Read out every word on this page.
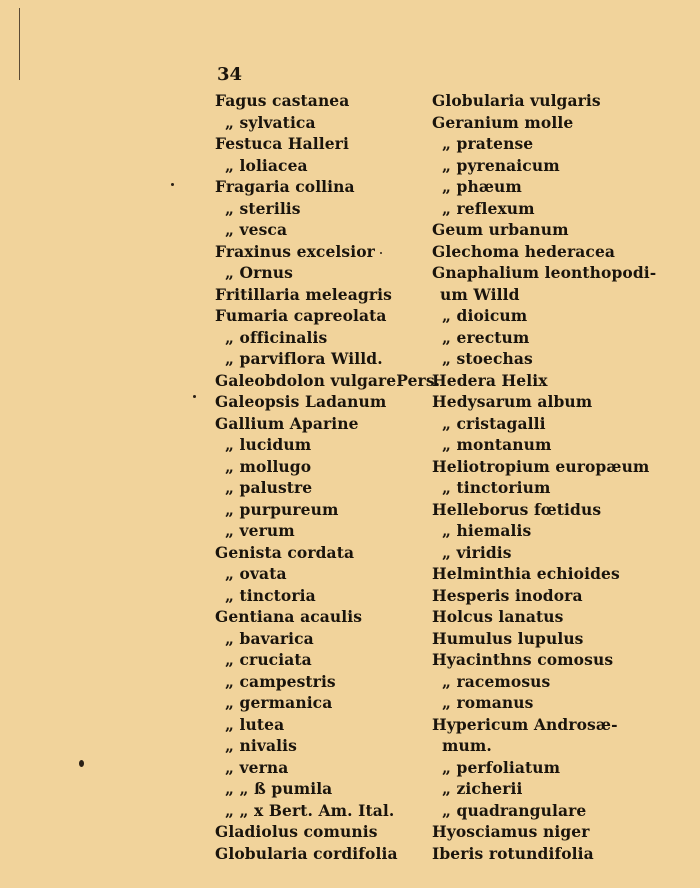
34
Fagus castanea
„ sylvatica
Festuca Halleri
„ loliacea
Fragaria collina
„ sterilis
„ vesca
Fraxinus excelsior
„ Ornus
Fritillaria meleagris
Fumaria capreolata
„ officinalis
„ parviflora Willd.
Galeobdolon vulgarePers.
Galeopsis Ladanum
Gallium Aparine
„ lucidum
„ mollugo
„ palustre
„ purpureum
„ verum
Genista cordata
„ ovata
„ tinctoria
Gentiana acaulis
„ bavarica
„ cruciata
„ campestris
„ germanica
„ lutea
„ nivalis
„ verna
„ „ ß pumila
„ „ x Bert. Am. Ital.
Gladiolus comunis
Globularia cordifolia
Globularia vulgaris
Geranium molle
„ pratense
„ pyrenaicum
„ phæum
„ reflexum
Geum urbanum
Glechoma hederacea
Gnaphalium leonthopodi-
um Willd
„ dioicum
„ erectum
„ stoechas
Hedera Helix
Hedysarum album
„ cristagalli
„ montanum
Heliotropium europæum
„ tinctorium
Helleborus fœtidus
„ hiemalis
„ viridis
Helminthia echioides
Hesperis inodora
Holcus lanatus
Humulus lupulus
Hyacinthns comosus
„ racemosus
„ romanus
Hypericum Androsæ-
mum.
„ perfoliatum
„ zicherii
„ quadrangulare
Hyosciamus niger
Iberis rotundifolia
